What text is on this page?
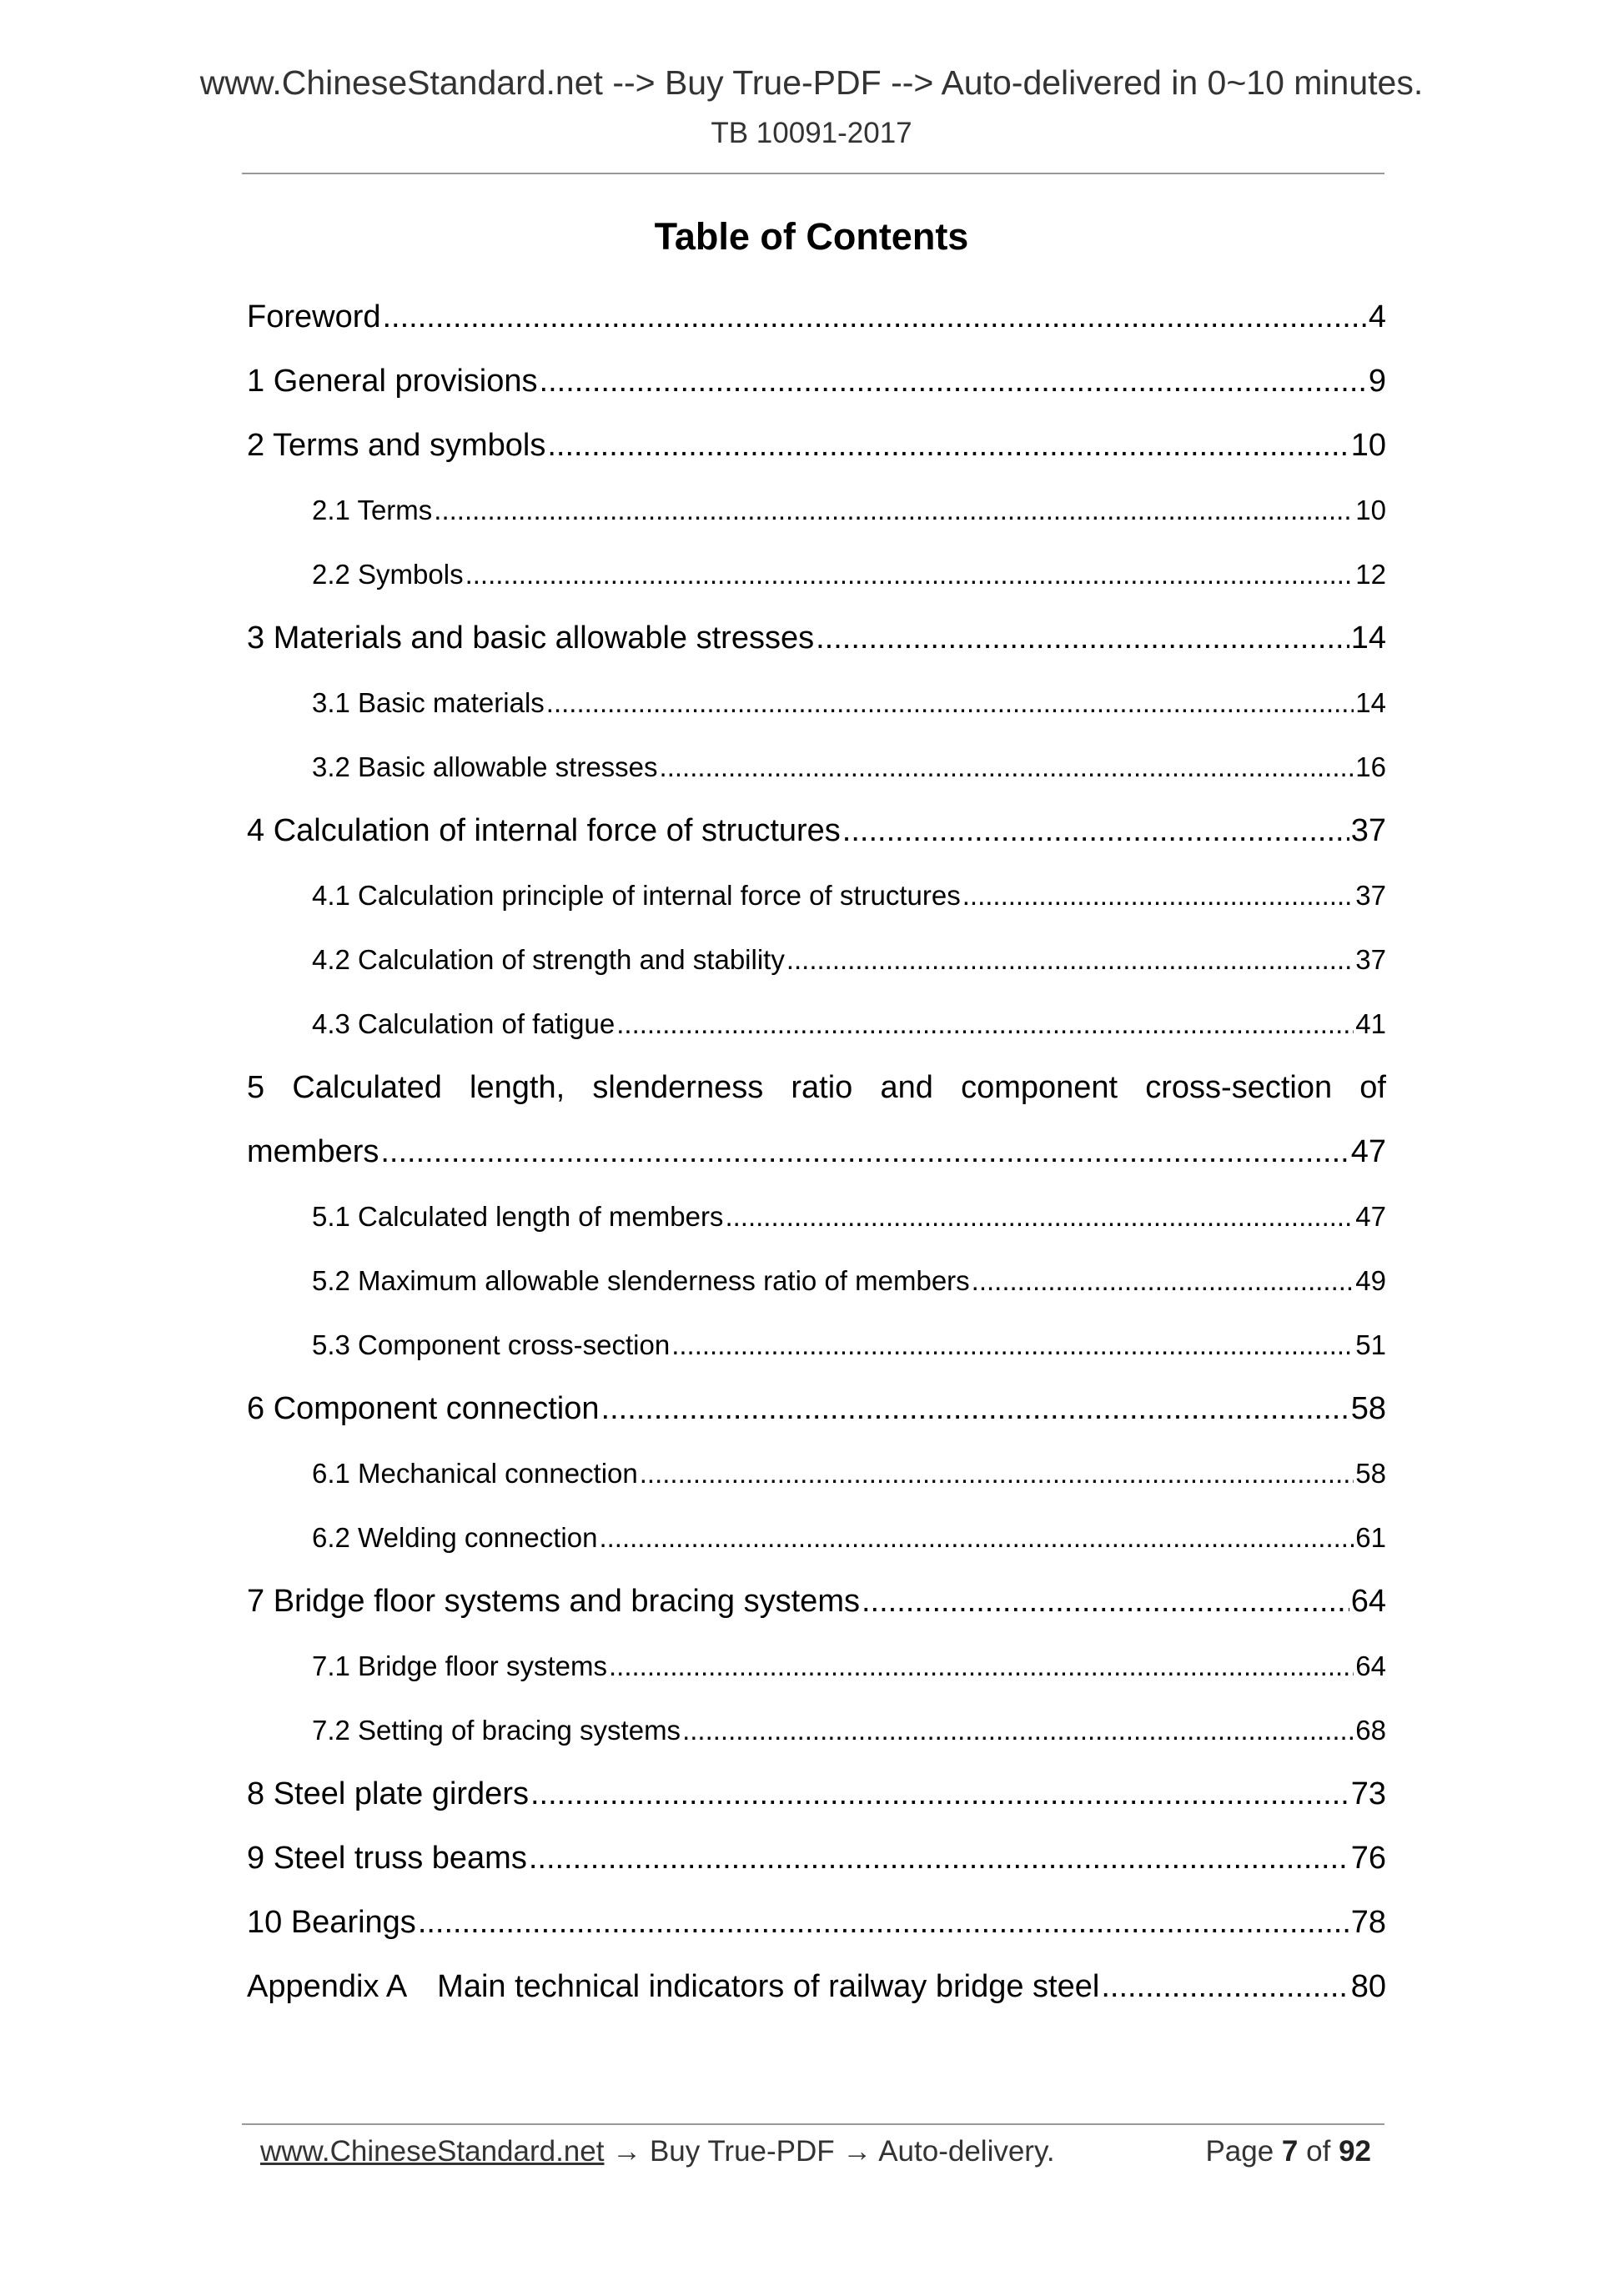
www.ChineseStandard.net --> Buy True-PDF --> Auto-delivered in 0~10 minutes.
TB 10091-2017
Table of Contents
Foreword .....	4
1 General provisions .....	9
2 Terms and symbols .....	10
2.1 Terms .....	10
2.2 Symbols .....	12
3 Materials and basic allowable stresses .....	14
3.1 Basic materials .....	14
3.2 Basic allowable stresses .....	16
4 Calculation of internal force of structures .....	37
4.1 Calculation principle of internal force of structures .....	37
4.2 Calculation of strength and stability .....	37
4.3 Calculation of fatigue .....	41
5 Calculated length, slenderness ratio and component cross-section of
members .....	47
5.1 Calculated length of members .....	47
5.2 Maximum allowable slenderness ratio of members .....	49
5.3 Component cross-section .....	51
6 Component connection .....	58
6.1 Mechanical connection .....	58
6.2 Welding connection .....	61
7 Bridge floor systems and bracing systems .....	64
7.1 Bridge floor systems .....	64
7.2 Setting of bracing systems .....	68
8 Steel plate girders .....	73
9 Steel truss beams .....	76
10 Bearings .....	78
Appendix A　Main technical indicators of railway bridge steel .....	80
www.ChineseStandard.net → Buy True-PDF → Auto-delivery.	Page 7 of 92
